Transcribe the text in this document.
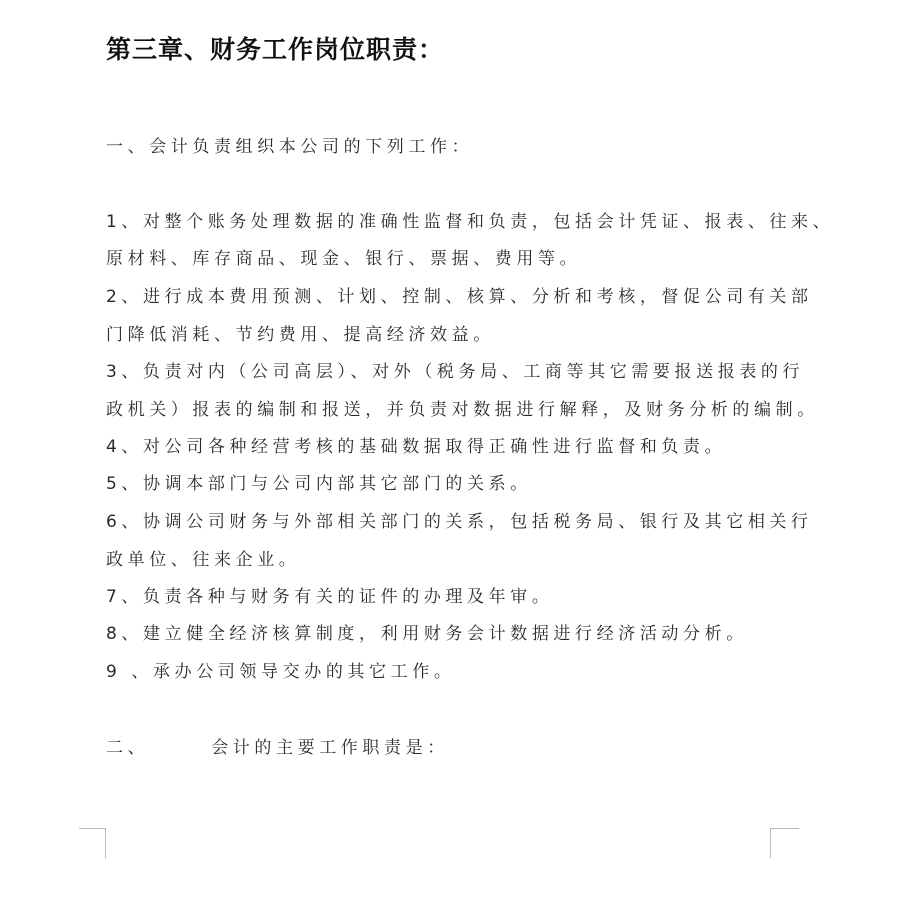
第三章、财务工作岗位职责：
一、会计负责组织本公司的下列工作：
1、对整个账务处理数据的准确性监督和负责，包括会计凭证、报表、往来、
原材料、库存商品、现金、银行、票据、费用等。
2、进行成本费用预测、计划、控制、核算、分析和考核，督促公司有关部
门降低消耗、节约费用、提高经济效益。
3、负责对内（公司高层）、对外（税务局、工商等其它需要报送报表的行
政机关）报表的编制和报送，并负责对数据进行解释，及财务分析的编制。
4、对公司各种经营考核的基础数据取得正确性进行监督和负责。
5、协调本部门与公司内部其它部门的关系。
6、协调公司财务与外部相关部门的关系，包括税务局、银行及其它相关行
政单位、往来企业。
7、负责各种与财务有关的证件的办理及年审。
8、建立健全经济核算制度，利用财务会计数据进行经济活动分析。
9 、承办公司领导交办的其它工作。
二、	会计的主要工作职责是：
